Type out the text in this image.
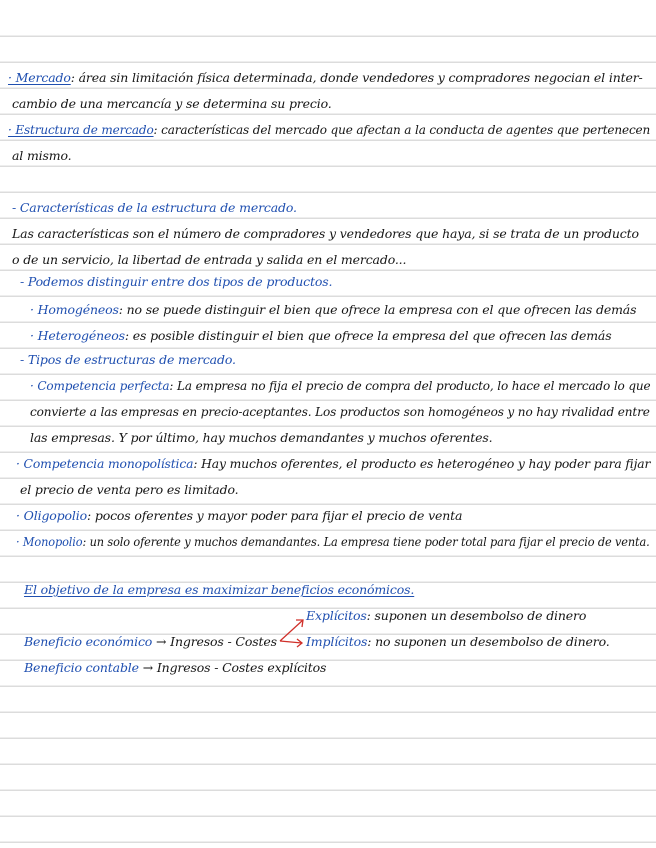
· Mercado: área sin limitación física determinada, donde vendedores y compradores negocian el inter-
cambio de una mercancía y se determina su precio.
· Estructura de mercado: características del mercado que afectan a la conducta de agentes que pertenecen
al mismo.
- Características de la estructura de mercado.
Las características son el número de compradores y vendedores que haya, si se trata de un producto
o de un servicio, la libertad de entrada y salida en el mercado...
- Podemos distinguir entre dos tipos de productos.
· Homogéneos: no se puede distinguir el bien que ofrece la empresa con el que ofrecen las demás
· Heterogéneos: es posible distinguir el bien que ofrece la empresa del que ofrecen las demás
- Tipos de estructuras de mercado.
· Competencia perfecta: La empresa no fija el precio de compra del producto, lo hace el mercado lo que
convierte a las empresas en precio-aceptantes. Los productos son homogéneos y no hay rivalidad entre
las empresas. Y por último, hay muchos demandantes y muchos oferentes.
· Competencia monopolística: Hay muchos oferentes, el producto es heterogéneo y hay poder para fijar
el precio de venta pero es limitado.
· Oligopolio: pocos oferentes y mayor poder para fijar el precio de venta
· Monopolio: un solo oferente y muchos demandantes. La empresa tiene poder total para fijar el precio de venta.
El objetivo de la empresa es maximizar beneficios económicos.
Explícitos: suponen un desembolso de dinero
Beneficio económico → Ingresos - Costes Implícitos: no suponen un desembolso de dinero.
Beneficio contable → Ingresos - Costes explícitos
